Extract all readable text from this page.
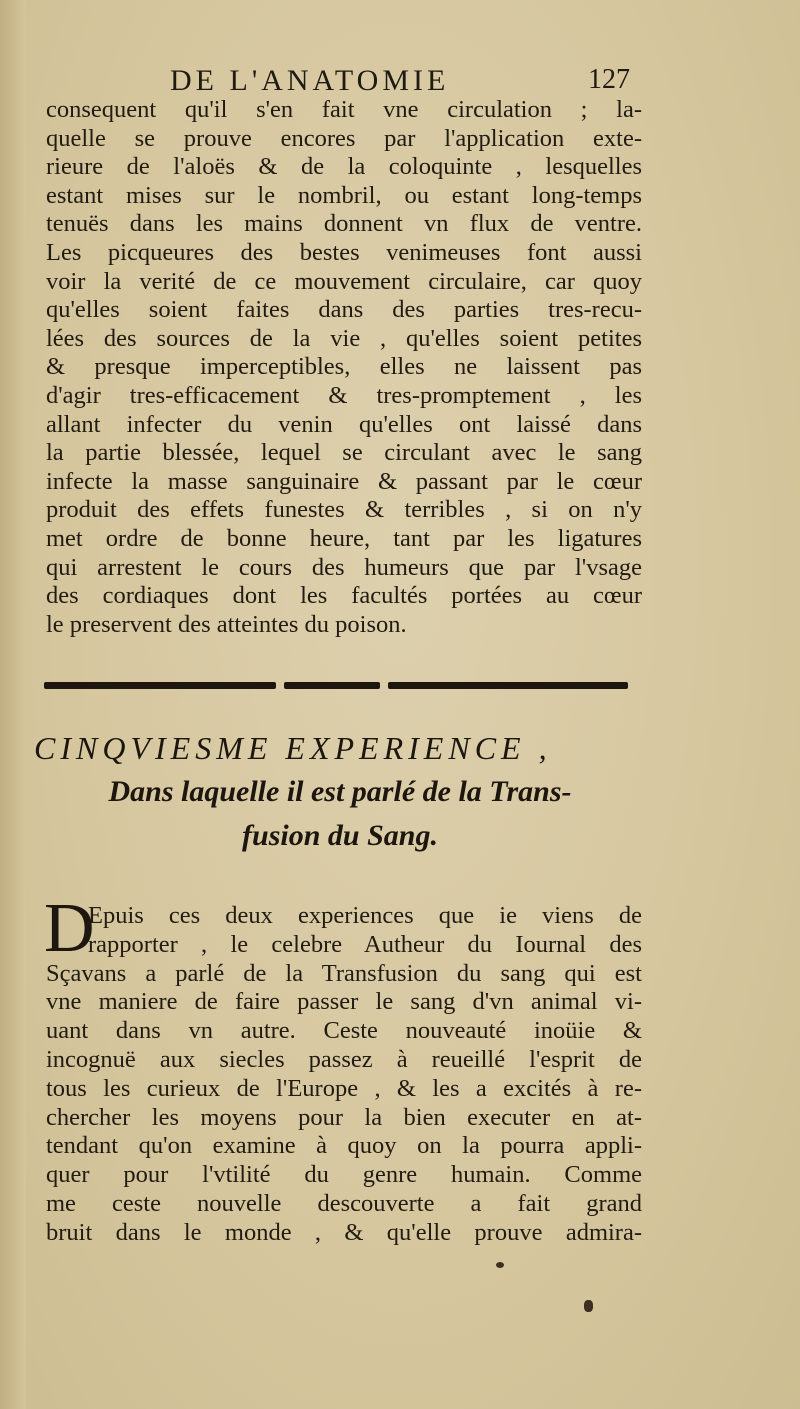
DE L'ANATOMIE	127
consequent qu'il s'en fait vne circulation ; la-
quelle se prouve encores par l'application exte-
rieure de l'aloës & de la coloquinte , lesquelles
estant mises sur le nombril, ou estant long-temps
tenuës dans les mains donnent vn flux de ventre.
Les picqueures des bestes venimeuses font aussi
voir la verité de ce mouvement circulaire, car quoy
qu'elles soient faites dans des parties tres-recu-
lées des sources de la vie , qu'elles soient petites
& presque imperceptibles, elles ne laissent pas
d'agir tres-efficacement & tres-promptement , les
allant infecter du venin qu'elles ont laissé dans
la partie blessée, lequel se circulant avec le sang
infecte la masse sanguinaire & passant par le cœur
produit des effets funestes & terribles , si on n'y
met ordre de bonne heure, tant par les ligatures
qui arrestent le cours des humeurs que par l'vsage
des cordiaques dont les facultés portées au cœur
le preservent des atteintes du poison.
CINQVIESME EXPERIENCE ,
Dans laquelle il est parlé de la Trans-
fusion du Sang.
D
Epuis ces deux experiences que ie viens de
rapporter , le celebre Autheur du Iournal des
Sçavans a parlé de la Transfusion du sang qui est
vne maniere de faire passer le sang d'vn animal vi-
uant dans vn autre. Ceste nouveauté inoüie &
incognuë aux siecles passez à reueillé l'esprit de
tous les curieux de l'Europe , & les a excités à re-
chercher les moyens pour la bien executer en at-
tendant qu'on examine à quoy on la pourra appli-
quer pour l'vtilité du genre humain. Comme
me ceste nouvelle descouverte a fait grand
bruit dans le monde , & qu'elle prouve admira-
